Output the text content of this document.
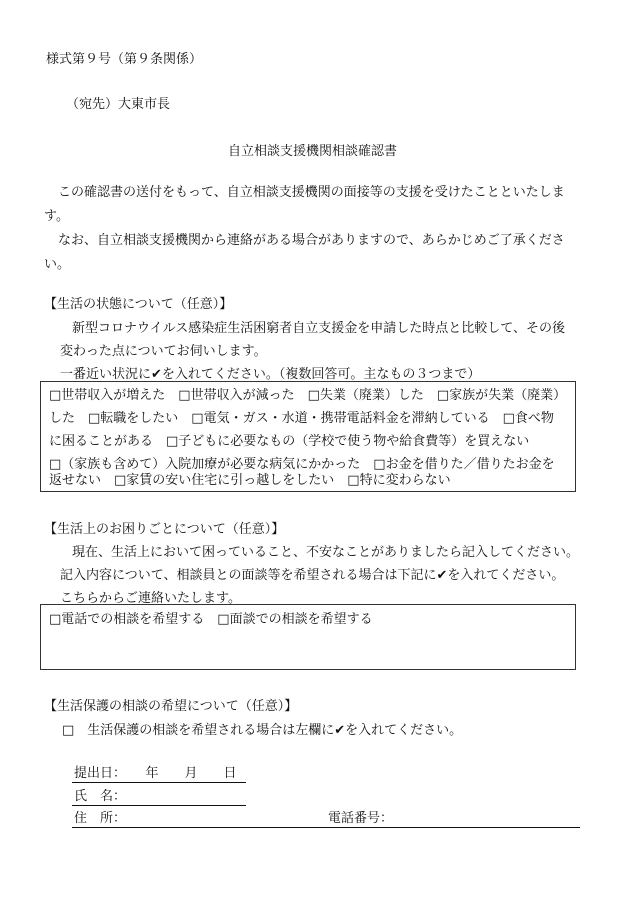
様式第９号（第９条関係）
（宛先）大東市長
自立相談支援機関相談確認書
この確認書の送付をもって、自立相談支援機関の面接等の支援を受けたことといたしま
す。
なお、自立相談支援機関から連絡がある場合がありますので、あらかじめご了承くださ
い。
【生活の状態について（任意）】
新型コロナウイルス感染症生活困窮者自立支援金を申請した時点と比較して、その後
変わった点についてお伺いします。
一番近い状況に✔を入れてください。（複数回答可。主なもの３つまで）
□世帯収入が増えた　□世帯収入が減った　□失業（廃業）した　□家族が失業（廃業）
した　□転職をしたい　□電気・ガス・水道・携帯電話料金を滞納している　□食べ物
に困ることがある　□子どもに必要なもの（学校で使う物や給食費等）を買えない
□（家族も含めて）入院加療が必要な病気にかかった　□お金を借りた／借りたお金を
返せない　□家賃の安い住宅に引っ越しをしたい　□特に変わらない
【生活上のお困りごとについて（任意）】
現在、生活上において困っていること、不安なことがありましたら記入してください。
記入内容について、相談員との面談等を希望される場合は下記に✔を入れてください。
こちらからご連絡いたします。
□電話での相談を希望する　□面談での相談を希望する
【生活保護の相談の希望について（任意）】
□　生活保護の相談を希望される場合は左欄に✔を入れてください。
提出日：　　年　　月　　日
氏　名：
住　所：	電話番号：
